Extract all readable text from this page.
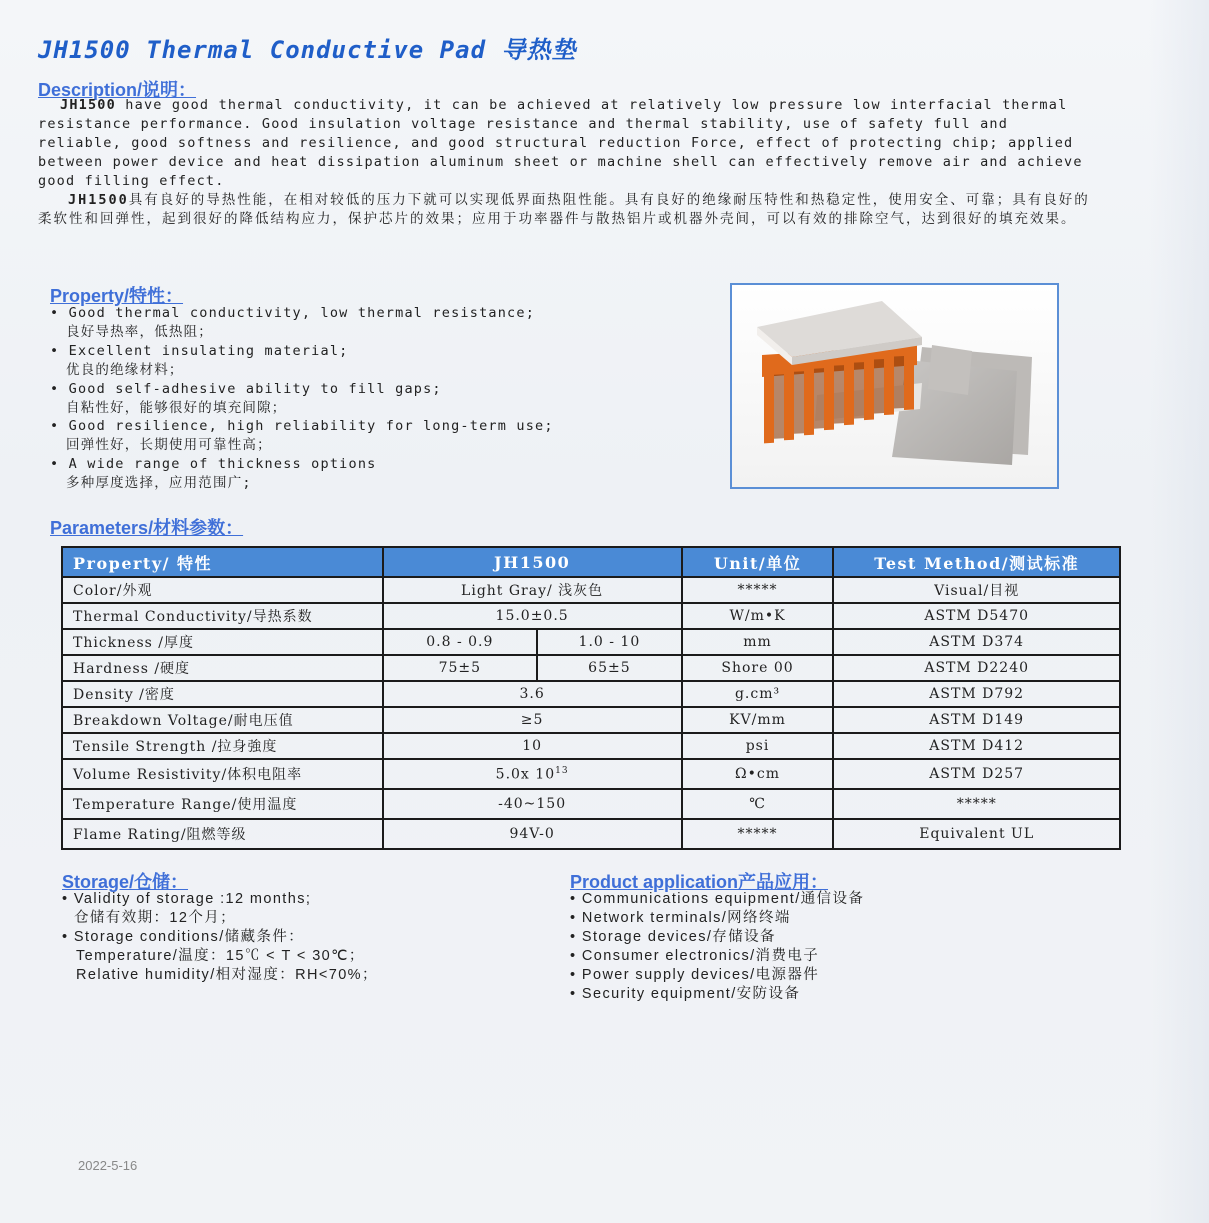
JH1500 Thermal Conductive Pad 导热垫
Description/说明：

JH1500 have good thermal conductivity, it can be achieved at relatively low pressure low interfacial thermal resistance performance. Good insulation voltage resistance and thermal stability, use of safety full and reliable, good softness and resilience, and good structural reduction Force, effect of protecting chip; applied between power device and heat dissipation aluminum sheet or machine shell can effectively remove air and achieve good filling effect.

JH1500具有良好的导热性能，在相对较低的压力下就可以实现低界面热阻性能。具有良好的绝缘耐压特性和热稳定性，使用安全、可靠；具有良好的柔软性和回弹性，起到很好的降低结构应力，保护芯片的效果；应用于功率器件与散热铝片或机器外壳间，可以有效的排除空气，达到很好的填充效果。

Property/特性：

• Good thermal conductivity, low thermal resistance;

良好导热率，低热阻；

• Excellent insulating material;

优良的绝缘材料；

• Good self-adhesive ability to fill gaps;

自粘性好，能够很好的填充间隙；

• Good resilience, high reliability for long-term use;

回弹性好，长期使用可靠性高；

• A wide range of thickness options

多种厚度选择，应用范围广;

Parameters/材料参数：
Property/ 特性	JH1500		Unit/单位	Test Method/测试标准
Color/外观	Light Gray/ 浅灰色		*****	Visual/目视
Thermal Conductivity/导热系数	15.0±0.5		W/m•K	ASTM D5470
Thickness /厚度	0.8 - 0.9	1.0 - 10	mm	ASTM D374
Hardness /硬度	75±5	65±5	Shore 00	ASTM D2240
Density /密度	3.6		g.cm³	ASTM D792
Breakdown Voltage/耐电压值	≥5		KV/mm	ASTM D149
Tensile Strength /拉身強度	10		psi	ASTM D412
Volume Resistivity/体积电阻率	5.0x $10^{13}$		Ω•cm	ASTM D257
Temperature Range/使用温度	-40~150		℃	*****
Flame Rating/阻燃等级	94V-0		*****	Equivalent UL
Storage/仓储：
• Validity of storage :12 months;
仓储有效期：12个月；
• Storage conditions/储藏条件：
Temperature/温度：15℃ < T < 30℃；
Relative humidity/相对湿度：RH<70%；
Product application产品应用：
• Communications equipment/通信设备
• Network terminals/网络终端
• Storage devices/存储设备
• Consumer electronics/消费电子
• Power supply devices/电源器件
• Security equipment/安防设备
2022-5-16
